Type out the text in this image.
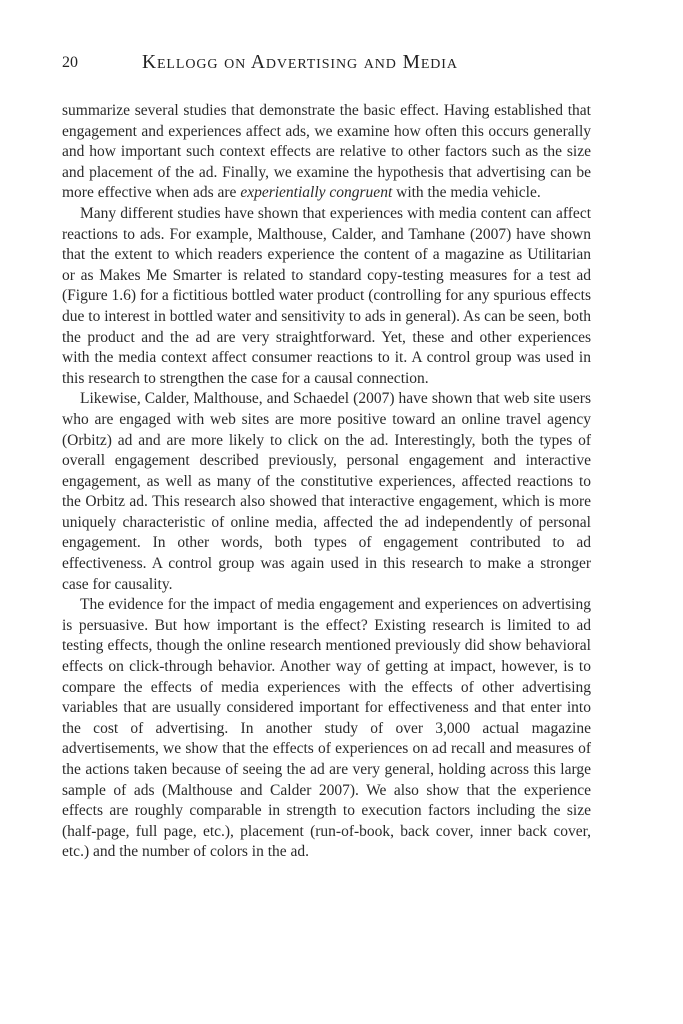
20	Kellogg on Advertising and Media

summarize several studies that demonstrate the basic effect. Having established that engagement and experiences affect ads, we examine how often this occurs generally and how important such context effects are relative to other factors such as the size and placement of the ad. Finally, we examine the hypothesis that advertising can be more effective when ads are experientially congruent with the media vehicle.

Many different studies have shown that experiences with media content can affect reactions to ads. For example, Malthouse, Calder, and Tamhane (2007) have shown that the extent to which readers experience the content of a magazine as Utilitarian or as Makes Me Smarter is related to standard copy-testing measures for a test ad (Figure 1.6) for a fictitious bottled water product (controlling for any spurious effects due to interest in bottled water and sensitivity to ads in general). As can be seen, both the product and the ad are very straightforward. Yet, these and other experiences with the media context affect consumer reactions to it. A control group was used in this research to strengthen the case for a causal connection.

Likewise, Calder, Malthouse, and Schaedel (2007) have shown that web site users who are engaged with web sites are more positive toward an online travel agency (Orbitz) ad and are more likely to click on the ad. Interestingly, both the types of overall engagement described previously, personal engagement and interactive engagement, as well as many of the constitutive experiences, affected reactions to the Orbitz ad. This research also showed that interactive engagement, which is more uniquely characteristic of online media, affected the ad independently of personal engagement. In other words, both types of engagement contributed to ad effectiveness. A control group was again used in this research to make a stronger case for causality.

The evidence for the impact of media engagement and experiences on advertising is persuasive. But how important is the effect? Existing research is limited to ad testing effects, though the online research mentioned previously did show behavioral effects on click-through behavior. Another way of getting at impact, however, is to compare the effects of media experiences with the effects of other advertising variables that are usually considered important for effectiveness and that enter into the cost of advertising. In another study of over 3,000 actual magazine advertisements, we show that the effects of experiences on ad recall and measures of the actions taken because of seeing the ad are very general, holding across this large sample of ads (Malthouse and Calder 2007). We also show that the experience effects are roughly comparable in strength to execution factors including the size (half-page, full page, etc.), placement (run-of-book, back cover, inner back cover, etc.) and the number of colors in the ad.
